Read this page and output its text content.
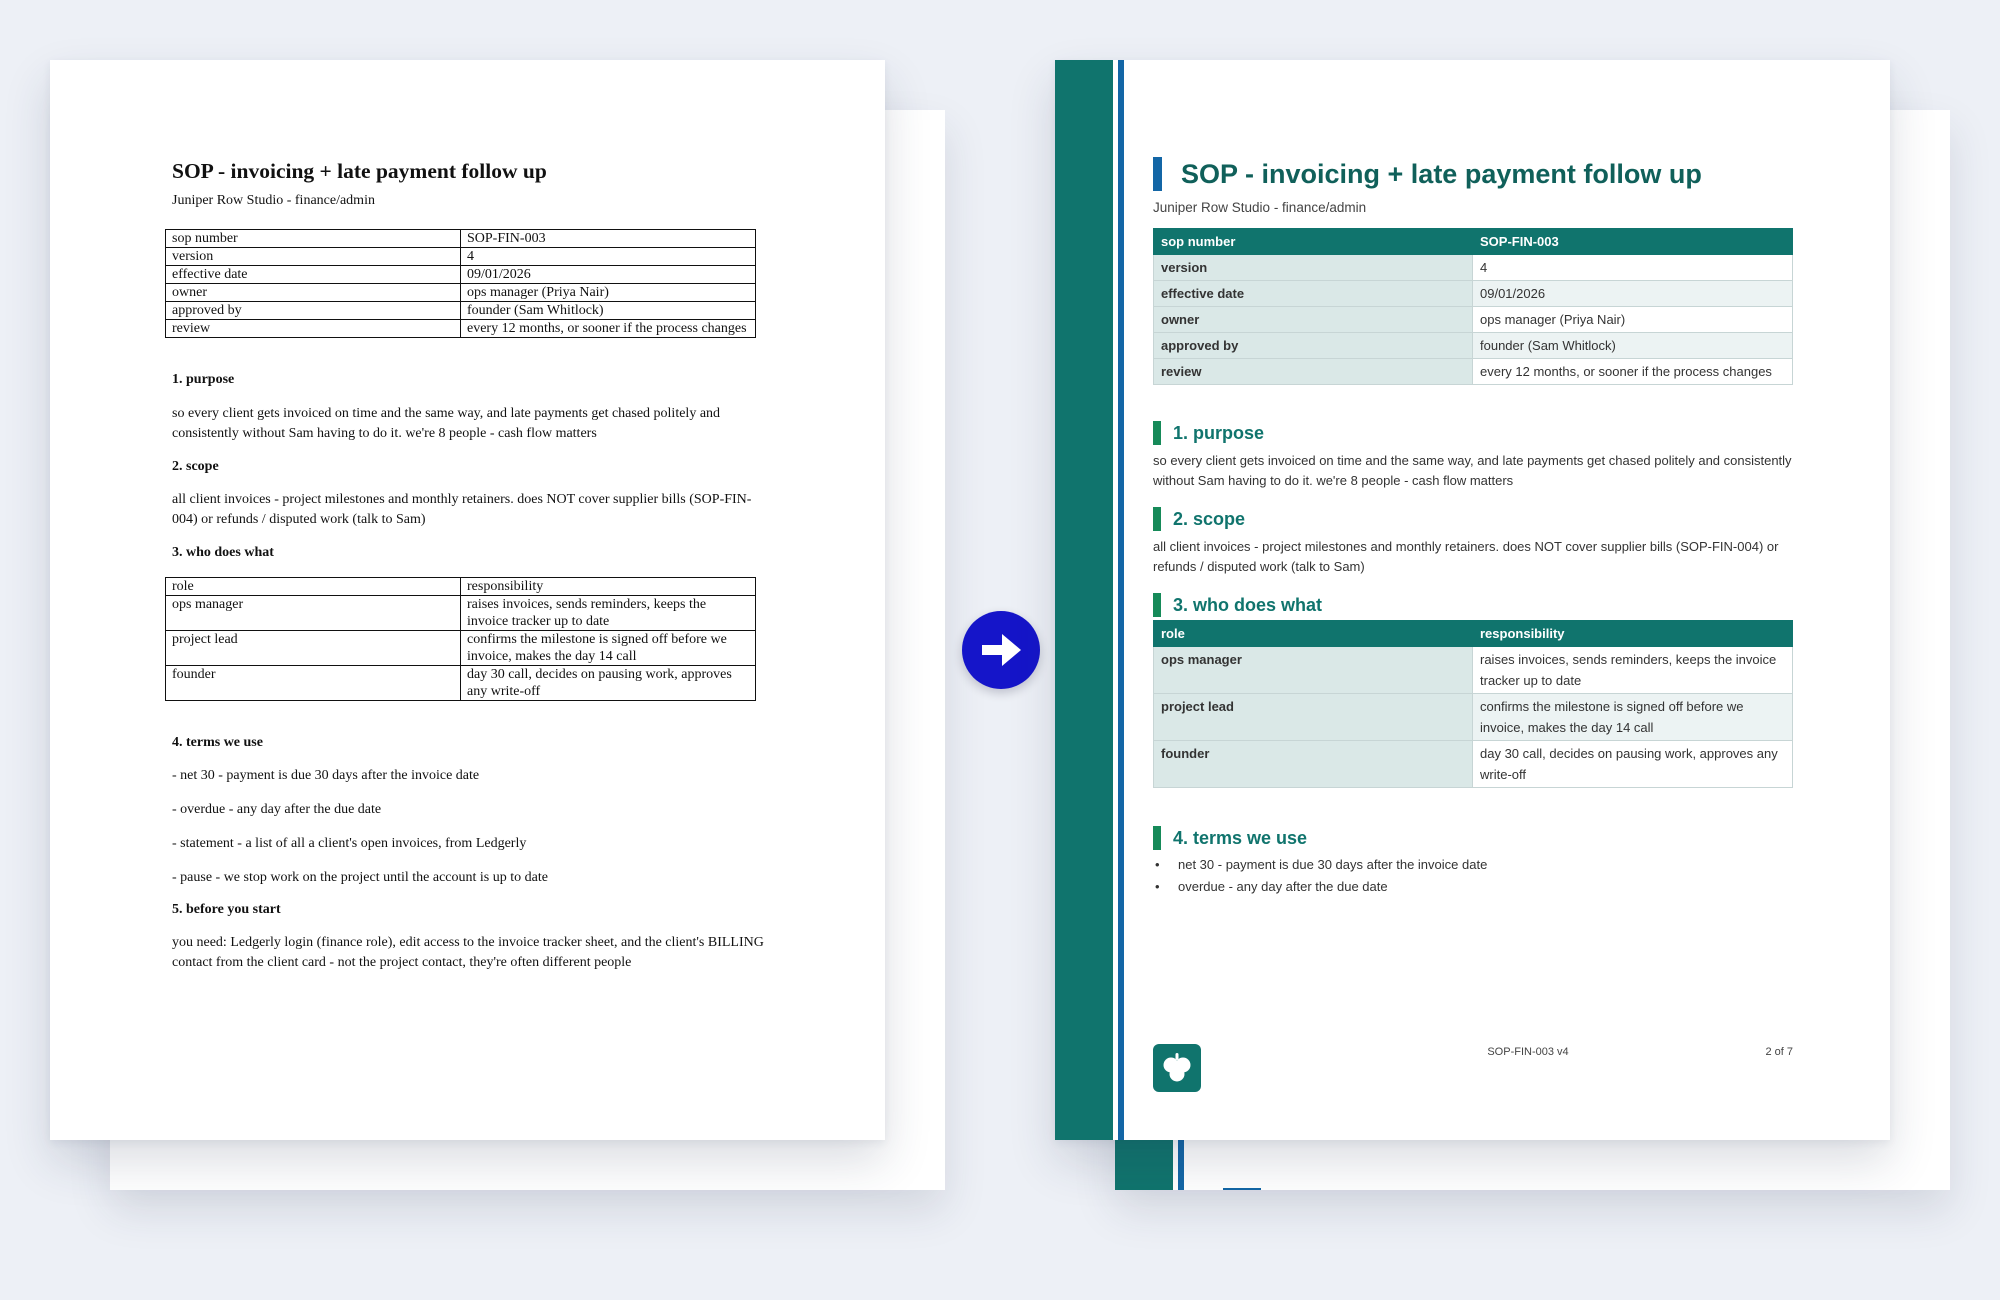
SOP - invoicing + late payment follow up
Juniper Row Studio - finance/admin
sop number	SOP-FIN-003
version	4
effective date	09/01/2026
owner	ops manager (Priya Nair)
approved by	founder (Sam Whitlock)
review	every 12 months, or sooner if the process changes
1. purpose

so every client gets invoiced on time and the same way, and late payments get chased politely and consistently without Sam having to do it. we're 8 people - cash flow matters

2. scope

all client invoices - project milestones and monthly retainers. does NOT cover supplier bills (SOP-FIN-004) or refunds / disputed work (talk to Sam)

3. who does what
role	responsibility
ops manager	raises invoices, sends reminders, keeps the invoice tracker up to date
project lead	confirms the milestone is signed off before we invoice, makes the day 14 call
founder	day 30 call, decides on pausing work, approves any write-off
4. terms we use

- net 30 - payment is due 30 days after the invoice date

- overdue - any day after the due date

- statement - a list of all a client's open invoices, from Ledgerly

- pause - we stop work on the project until the account is up to date

5. before you start

you need: Ledgerly login (finance role), edit access to the invoice tracker sheet, and the client's BILLING contact from the client card - not the project contact, they're often different people

SOP - invoicing + late payment follow up
Juniper Row Studio - finance/admin
sop number	SOP-FIN-003
version	4
effective date	09/01/2026
owner	ops manager (Priya Nair)
approved by	founder (Sam Whitlock)
review	every 12 months, or sooner if the process changes
1. purpose

so every client gets invoiced on time and the same way, and late payments get chased politely and consistently without Sam having to do it. we're 8 people - cash flow matters

2. scope

all client invoices - project milestones and monthly retainers. does NOT cover supplier bills (SOP-FIN-004) or refunds / disputed work (talk to Sam)

3. who does what
role	responsibility
ops manager	raises invoices, sends reminders, keeps the invoice tracker up to date
project lead	confirms the milestone is signed off before we invoice, makes the day 14 call
founder	day 30 call, decides on pausing work, approves any write-off
4. terms we use
• net 30 - payment is due 30 days after the invoice date
• overdue - any day after the due date
SOP-FIN-003 v4	2 of 7
